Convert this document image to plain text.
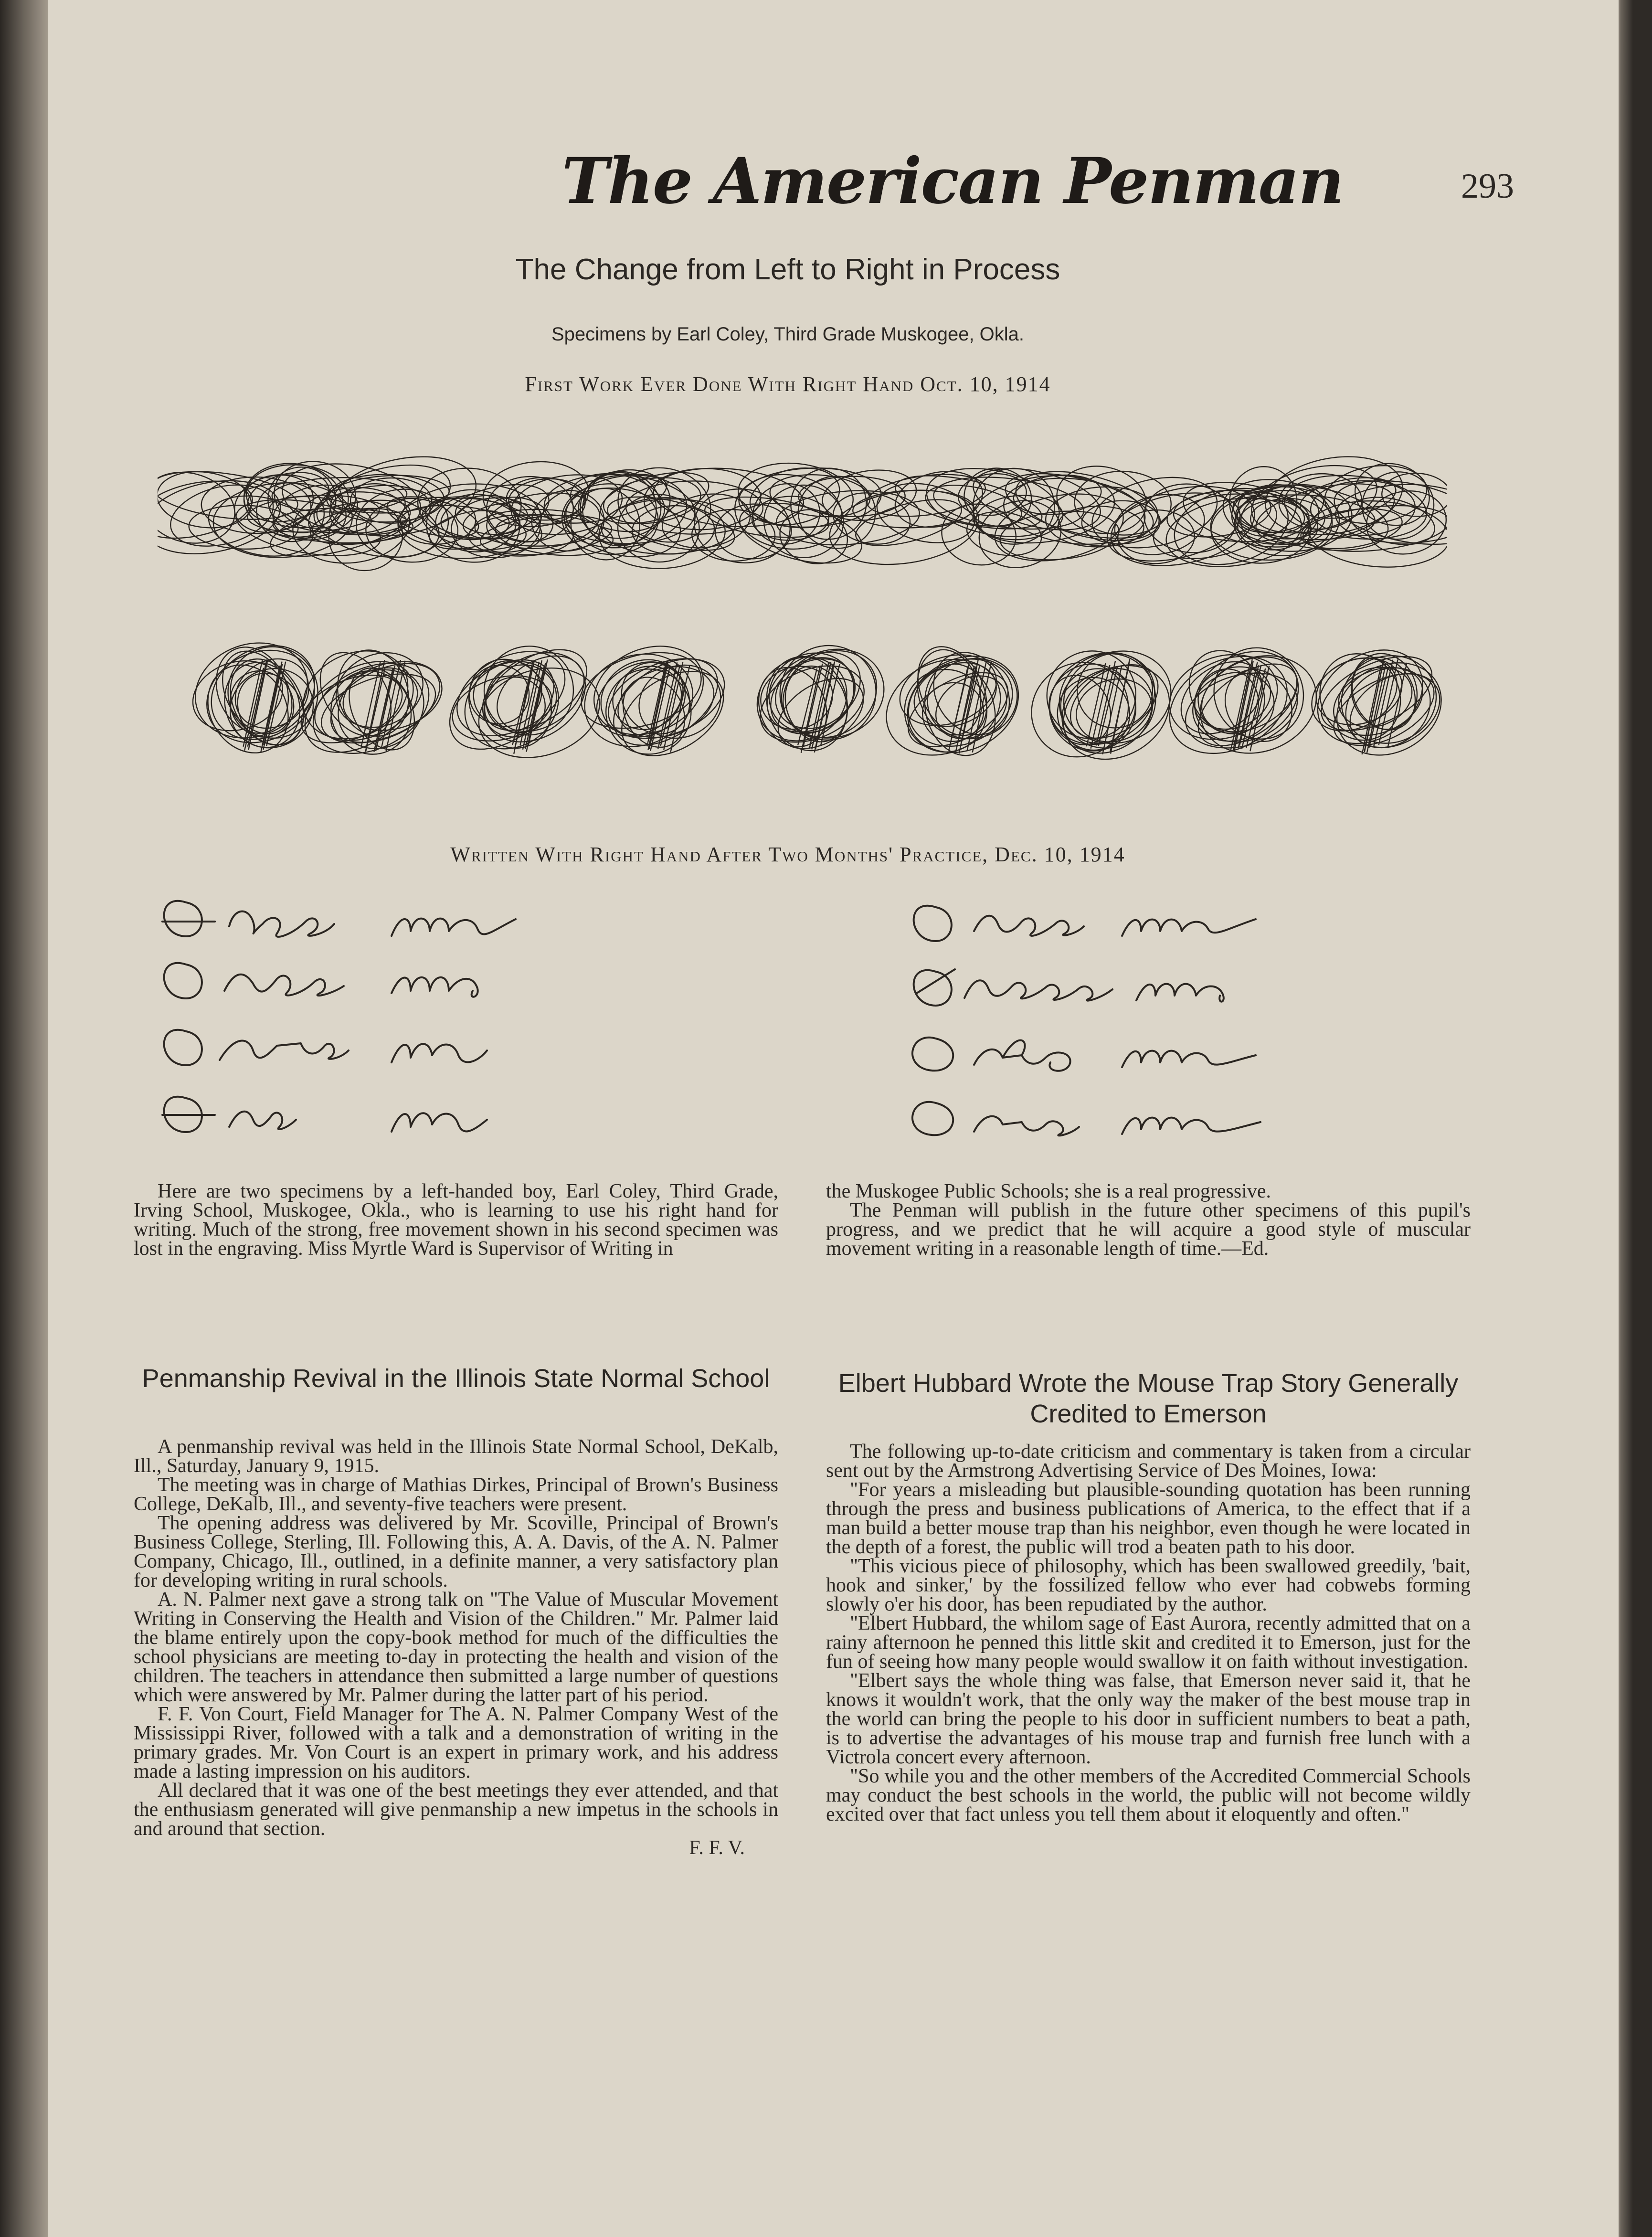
The American Penman	293
The Change from Left to Right in Process
Specimens by Earl Coley, Third Grade Muskogee, Okla.
First Work Ever Done With Right Hand Oct. 10, 1914
Written With Right Hand After Two Months' Practice, Dec. 10, 1914

Here are two specimens by a left-handed boy, Earl Coley, Third Grade, Irving School, Muskogee, Okla., who is learning to use his right hand for writing. Much of the strong, free movement shown in his second specimen was lost in the engraving. Miss Myrtle Ward is Supervisor of Writing in

the Muskogee Public Schools; she is a real progressive.

The Penman will publish in the future other specimens of this pupil's progress, and we predict that he will acquire a good style of muscular movement writing in a reasonable length of time.—Ed.

Penmanship Revival in the Illinois State Normal School

A penmanship revival was held in the Illinois State Normal School, DeKalb, Ill., Saturday, January 9, 1915.

The meeting was in charge of Mathias Dirkes, Principal of Brown's Business College, DeKalb, Ill., and seventy-five teachers were present.

The opening address was delivered by Mr. Scoville, Principal of Brown's Business College, Sterling, Ill. Following this, A. A. Davis, of the A. N. Palmer Company, Chicago, Ill., outlined, in a definite manner, a very satisfactory plan for developing writing in rural schools.

A. N. Palmer next gave a strong talk on "The Value of Muscular Movement Writing in Conserving the Health and Vision of the Children." Mr. Palmer laid the blame entirely upon the copy-book method for much of the difficulties the school physicians are meeting to-day in protecting the health and vision of the children. The teachers in attendance then submitted a large number of questions which were answered by Mr. Palmer during the latter part of his period.

F. F. Von Court, Field Manager for The A. N. Palmer Company West of the Mississippi River, followed with a talk and a demonstration of writing in the primary grades. Mr. Von Court is an expert in primary work, and his address made a lasting impression on his auditors.

All declared that it was one of the best meetings they ever attended, and that the enthusiasm generated will give penmanship a new impetus in the schools in and around that section.

F. F. V.

Elbert Hubbard Wrote the Mouse Trap Story Generally Credited to Emerson

The following up-to-date criticism and commentary is taken from a circular sent out by the Armstrong Advertising Service of Des Moines, Iowa:

"For years a misleading but plausible-sounding quotation has been running through the press and business publications of America, to the effect that if a man build a better mouse trap than his neighbor, even though he were located in the depth of a forest, the public will trod a beaten path to his door.

"This vicious piece of philosophy, which has been swallowed greedily, 'bait, hook and sinker,' by the fossilized fellow who ever had cobwebs forming slowly o'er his door, has been repudiated by the author.

"Elbert Hubbard, the whilom sage of East Aurora, recently admitted that on a rainy afternoon he penned this little skit and credited it to Emerson, just for the fun of seeing how many people would swallow it on faith without investigation.

"Elbert says the whole thing was false, that Emerson never said it, that he knows it wouldn't work, that the only way the maker of the best mouse trap in the world can bring the people to his door in sufficient numbers to beat a path, is to advertise the advantages of his mouse trap and furnish free lunch with a Victrola concert every afternoon.

"So while you and the other members of the Accredited Commercial Schools may conduct the best schools in the world, the public will not become wildly excited over that fact unless you tell them about it eloquently and often."
